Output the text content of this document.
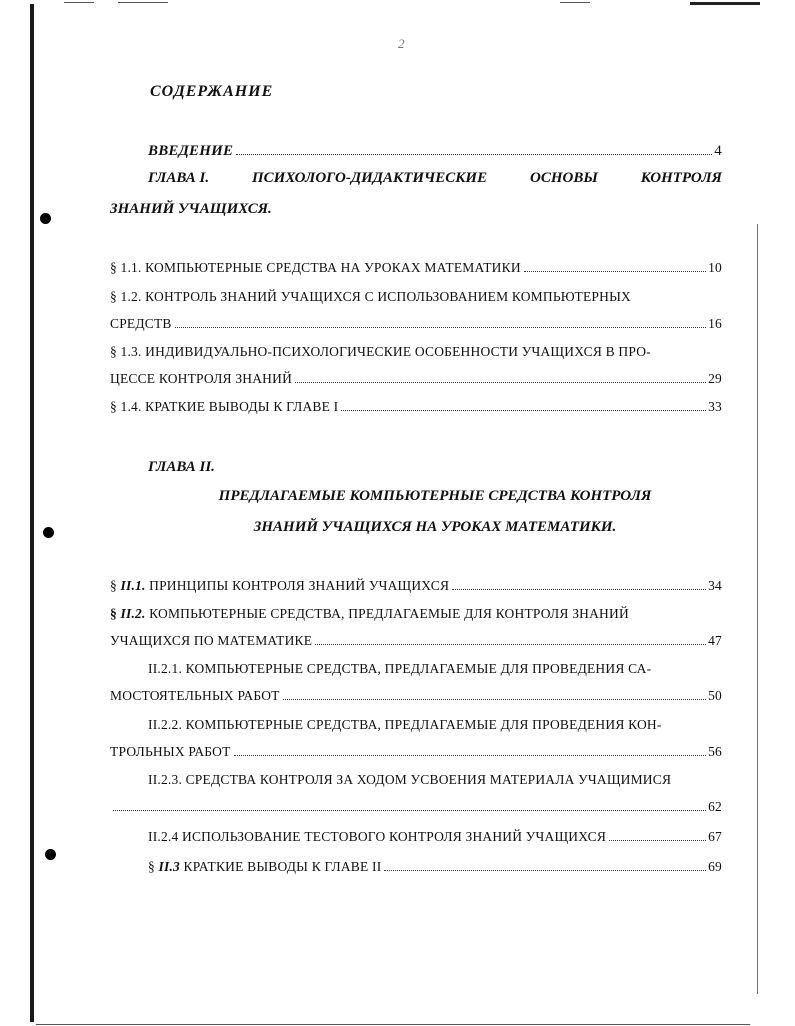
2
СОДЕРЖАНИЕ
ВВЕДЕНИЕ	4
ГЛАВА I.	ПСИХОЛОГО-ДИДАКТИЧЕСКИЕ	ОСНОВЫ	КОНТРОЛЯ
ЗНАНИЙ УЧАЩИХСЯ.
§ 1.1. КОМПЬЮТЕРНЫЕ СРЕДСТВА НА УРОКАХ МАТЕМАТИКИ	10
§ 1.2. КОНТРОЛЬ ЗНАНИЙ УЧАЩИХСЯ С ИСПОЛЬЗОВАНИЕМ КОМПЬЮТЕРНЫХ
СРЕДСТВ	16
§ 1.3. ИНДИВИДУАЛЬНО-ПСИХОЛОГИЧЕСКИЕ ОСОБЕННОСТИ УЧАЩИХСЯ В ПРО-
ЦЕССЕ КОНТРОЛЯ ЗНАНИЙ	29
§ 1.4. КРАТКИЕ ВЫВОДЫ К ГЛАВЕ I	33
ГЛАВА II.
ПРЕДЛАГАЕМЫЕ КОМПЬЮТЕРНЫЕ СРЕДСТВА КОНТРОЛЯ
ЗНАНИЙ УЧАЩИХСЯ НА УРОКАХ МАТЕМАТИКИ.
§ II.1. ПРИНЦИПЫ КОНТРОЛЯ ЗНАНИЙ УЧАЩИХСЯ	34
§ II.2. КОМПЬЮТЕРНЫЕ СРЕДСТВА, ПРЕДЛАГАЕМЫЕ ДЛЯ КОНТРОЛЯ ЗНАНИЙ
УЧАЩИХСЯ ПО МАТЕМАТИКЕ	47
II.2.1. КОМПЬЮТЕРНЫЕ СРЕДСТВА, ПРЕДЛАГАЕМЫЕ ДЛЯ ПРОВЕДЕНИЯ СА-
МОСТОЯТЕЛЬНЫХ РАБОТ	50
II.2.2. КОМПЬЮТЕРНЫЕ СРЕДСТВА, ПРЕДЛАГАЕМЫЕ ДЛЯ ПРОВЕДЕНИЯ КОН-
ТРОЛЬНЫХ РАБОТ	56
II.2.3. СРЕДСТВА КОНТРОЛЯ ЗА ХОДОМ УСВОЕНИЯ МАТЕРИАЛА УЧАЩИМИСЯ
62
II.2.4 ИСПОЛЬЗОВАНИЕ ТЕСТОВОГО КОНТРОЛЯ ЗНАНИЙ УЧАЩИХСЯ	67
§ II.3 КРАТКИЕ ВЫВОДЫ К ГЛАВЕ II	69
